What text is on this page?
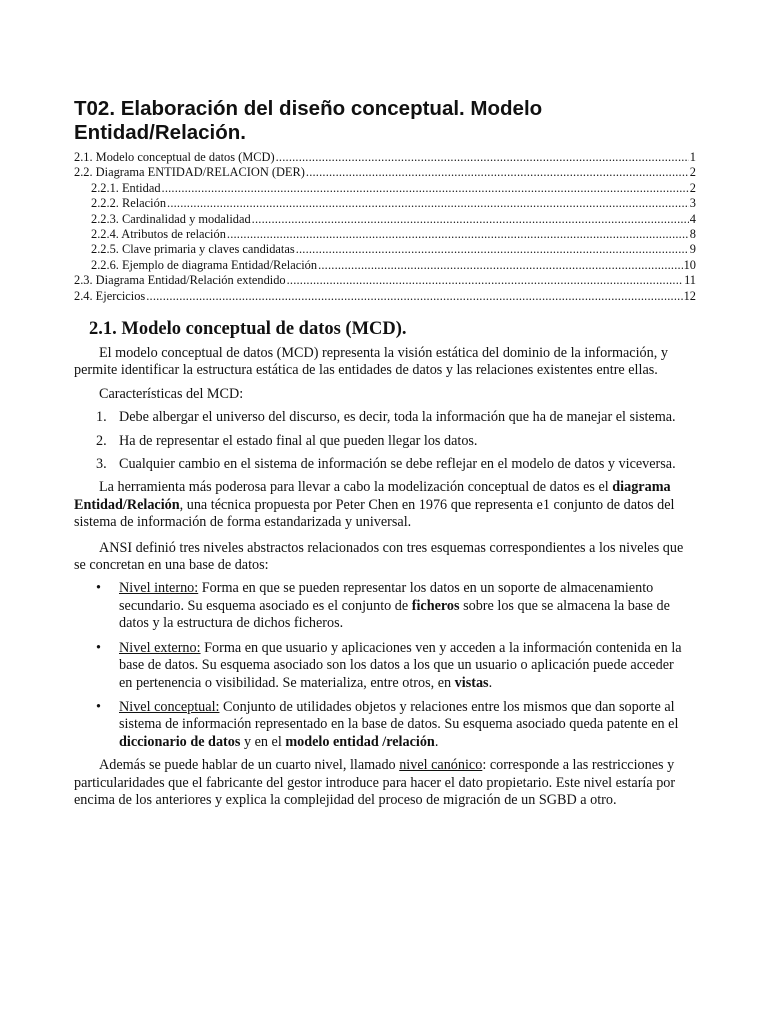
T02. Elaboración del diseño conceptual. Modelo
Entidad/Relación.
2.1. Modelo conceptual de datos (MCD) .....	1
2.2. Diagrama ENTIDAD/RELACION (DER) .....	2
2.2.1. Entidad .....	2
2.2.2. Relación .....	3
2.2.3. Cardinalidad y modalidad .....	4
2.2.4. Atributos de relación .....	8
2.2.5. Clave primaria y claves candidatas .....	9
2.2.6. Ejemplo de diagrama Entidad/Relación .....	10
2.3. Diagrama Entidad/Relación extendido .....	11
2.4. Ejercicios .....	12
2.1. Modelo conceptual de datos (MCD).

El modelo conceptual de datos (MCD) representa la visión estática del dominio de la información, y permite identificar la estructura estática de las entidades de datos y las relaciones existentes entre ellas.

Características del MCD:

1. Debe albergar el universo del discurso, es decir, toda la información que ha de manejar el sistema.
2. Ha de representar el estado final al que pueden llegar los datos.
3. Cualquier cambio en el sistema de información se debe reflejar en el modelo de datos y viceversa.

La herramienta más poderosa para llevar a cabo la modelización conceptual de datos es el diagrama Entidad/Relación, una técnica propuesta por Peter Chen en 1976 que representa e1 conjunto de datos del sistema de información de forma estandarizada y universal.

ANSI definió tres niveles abstractos relacionados con tres esquemas correspondientes a los niveles que se concretan en una base de datos:

• Nivel interno: Forma en que se pueden representar los datos en un soporte de almacenamiento secundario. Su esquema asociado es el conjunto de ficheros sobre los que se almacena la base de datos y la estructura de dichos ficheros.
• Nivel externo: Forma en que usuario y aplicaciones ven y acceden a la información contenida en la base de datos. Su esquema asociado son los datos a los que un usuario o aplicación puede acceder en pertenencia o visibilidad. Se materializa, entre otros, en vistas.
• Nivel conceptual: Conjunto de utilidades objetos y relaciones entre los mismos que dan soporte al sistema de información representado en la base de datos. Su esquema asociado queda patente en el diccionario de datos y en el modelo entidad /relación.

Además se puede hablar de un cuarto nivel, llamado nivel canónico: corresponde a las restricciones y particularidades que el fabricante del gestor introduce para hacer el dato propietario. Este nivel estaría por encima de los anteriores y explica la complejidad del proceso de migración de un SGBD a otro.
